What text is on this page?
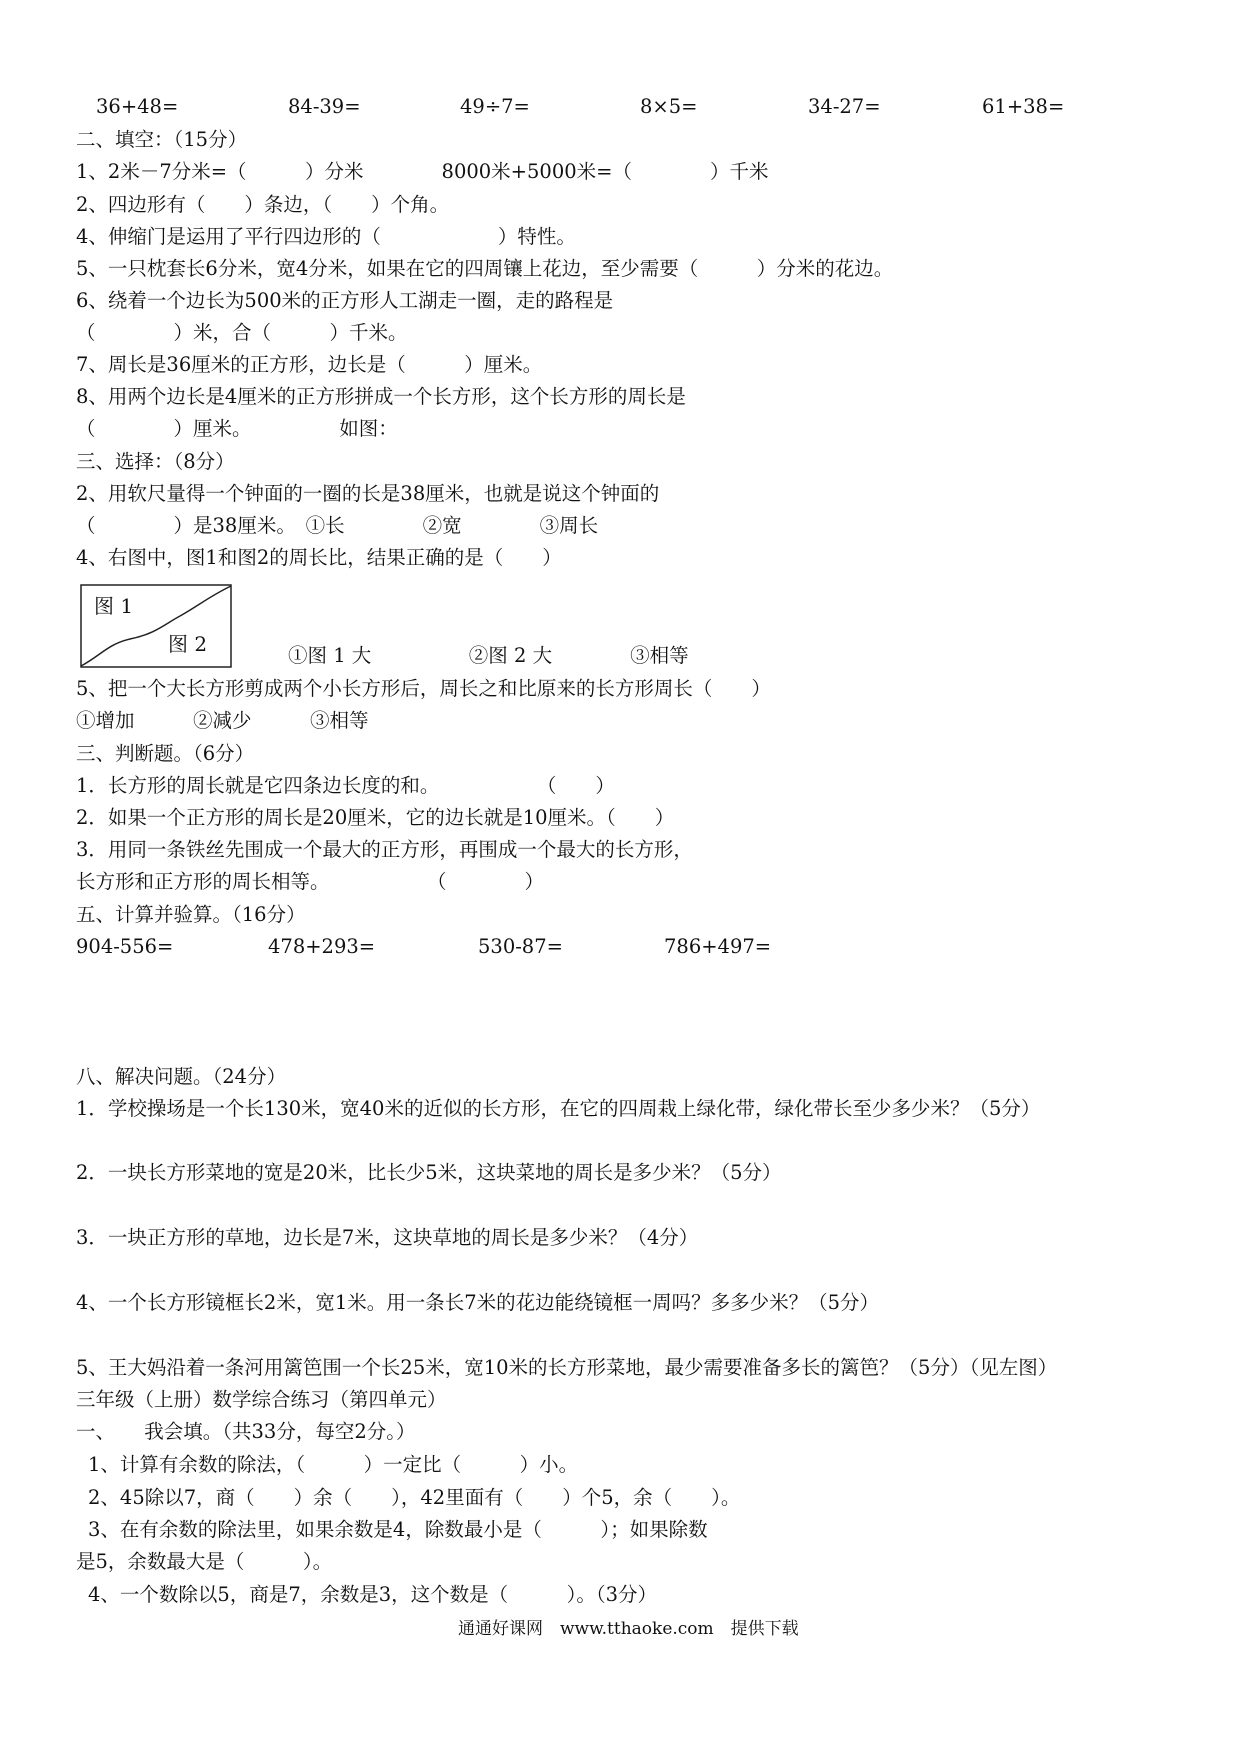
36+48=	84-39=	49÷7=	8×5=	34-27=	61+38=
二、填空：（15分）
1、2米－7分米=（　　　）分米　　　　8000米+5000米=（　　　　）千米
2、四边形有（　　）条边，（　　）个角。
4、伸缩门是运用了平行四边形的（　　　　　　）特性。
5、一只枕套长6分米，宽4分米，如果在它的四周镶上花边，至少需要（　　　）分米的花边。
6、绕着一个边长为500米的正方形人工湖走一圈，走的路程是
（　　　　）米，合（　　　）千米。
7、周长是36厘米的正方形，边长是（　　　）厘米。
8、用两个边长是4厘米的正方形拼成一个长方形，这个长方形的周长是
（　　　　）厘米。　　　　　如图：
三、选择：（8分）
2、用软尺量得一个钟面的一圈的长是38厘米，也就是说这个钟面的
（　　　　）是38厘米。　①长　　　　②宽　　　　③周长
4、右图中，图1和图2的周长比，结果正确的是（　　）
图 1
图 2	①图 1 大　　　　　②图 2 大　　　　③相等
5、把一个大长方形剪成两个小长方形后，周长之和比原来的长方形周长（　　）
①增加　　　②减少　　　③相等
三、判断题。（6分）
1．长方形的周长就是它四条边长度的和。　　　　　　（　　）
2．如果一个正方形的周长是20厘米，它的边长就是10厘米。（　　）
3．用同一条铁丝先围成一个最大的正方形，再围成一个最大的长方形，
长方形和正方形的周长相等。　　　　　　（　　　　）
五、计算并验算。（16分）
904-556=	478+293=	530-87=	786+497=
八、解决问题。（24分）
1．学校操场是一个长130米，宽40米的近似的长方形，在它的四周栽上绿化带，绿化带长至少多少米？（5分）
2．一块长方形菜地的宽是20米，比长少5米，这块菜地的周长是多少米？（5分）
3．一块正方形的草地，边长是7米，这块草地的周长是多少米？（4分）
4、一个长方形镜框长2米，宽1米。用一条长7米的花边能绕镜框一周吗？多多少米？（5分）
5、王大妈沿着一条河用篱笆围一个长25米，宽10米的长方形菜地，最少需要准备多长的篱笆？（5分）（见左图）
三年级（上册）数学综合练习（第四单元）
一、　　我会填。（共33分，每空2分。）
1、计算有余数的除法，（　　　）一定比（　　　）小。
2、45除以7，商（　　）余（　　），42里面有（　　）个5，余（　　）。
3、在有余数的除法里，如果余数是4，除数最小是（　　　）；如果除数
是5，余数最大是（　　　）。
4、一个数除以5，商是7，余数是3，这个数是（　　　）。（3分）
通通好课网　www.tthaoke.com　提供下载
